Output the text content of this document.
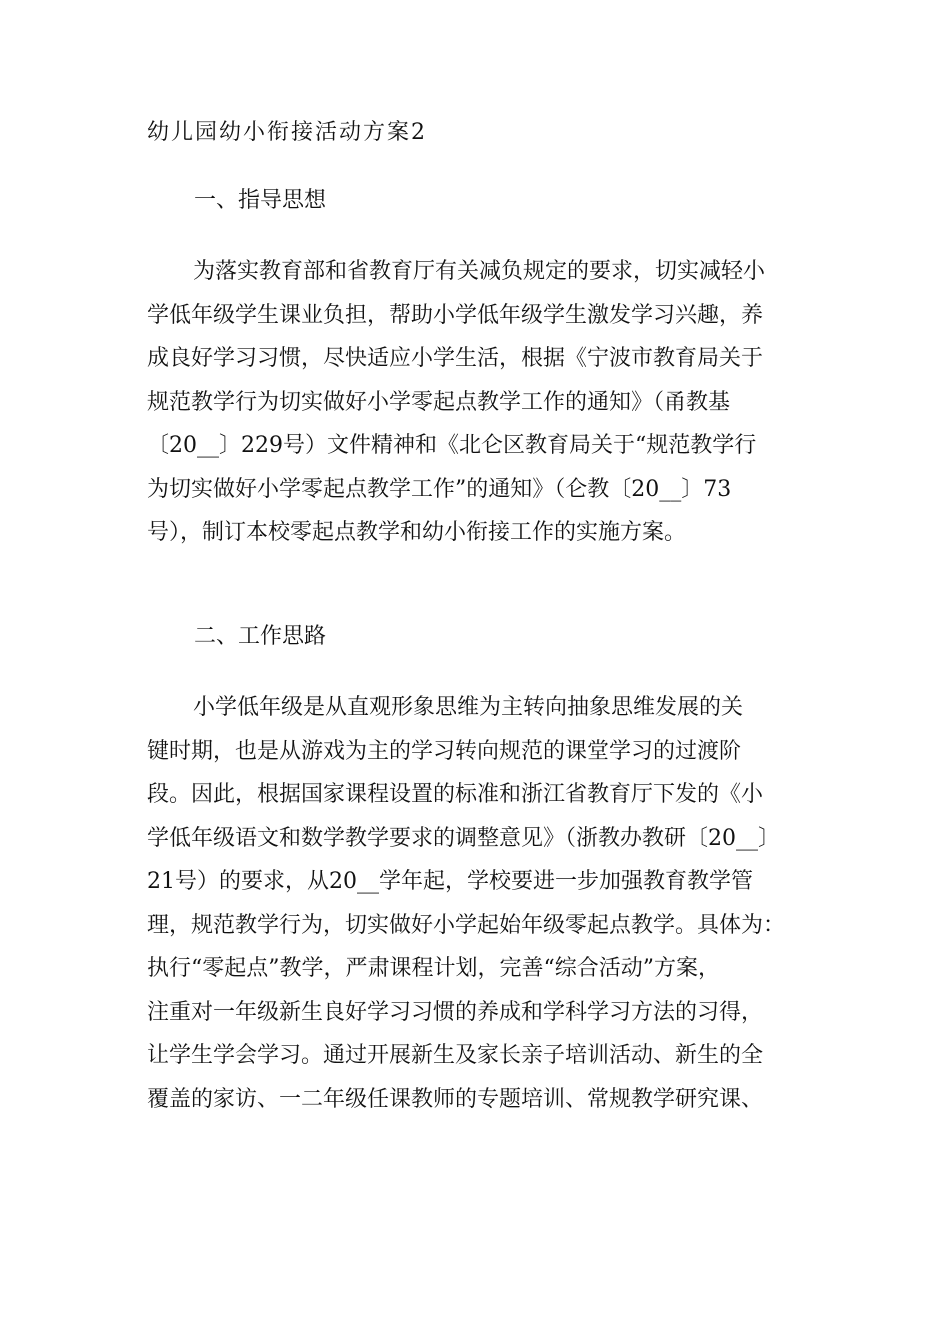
幼儿园幼小衔接活动方案2
一、指导思想
为落实教育部和省教育厅有关减负规定的要求，切实减轻小
学低年级学生课业负担，帮助小学低年级学生激发学习兴趣，养
成良好学习习惯，尽快适应小学生活，根据《宁波市教育局关于
规范教学行为切实做好小学零起点教学工作的通知》（甬教基
〔20__〕229号）文件精神和《北仑区教育局关于“规范教学行
为切实做好小学零起点教学工作”的通知》（仑教〔20__〕73
号），制订本校零起点教学和幼小衔接工作的实施方案。
二、工作思路
小学低年级是从直观形象思维为主转向抽象思维发展的关
键时期，也是从游戏为主的学习转向规范的课堂学习的过渡阶
段。因此，根据国家课程设置的标准和浙江省教育厅下发的《小
学低年级语文和数学教学要求的调整意见》（浙教办教研〔20__〕
21号）的要求，从20__学年起，学校要进一步加强教育教学管
理，规范教学行为，切实做好小学起始年级零起点教学。具体为：
执行“零起点”教学，严肃课程计划，完善“综合活动”方案，
注重对一年级新生良好学习习惯的养成和学科学习方法的习得，
让学生学会学习。通过开展新生及家长亲子培训活动、新生的全
覆盖的家访、一二年级任课教师的专题培训、常规教学研究课、
